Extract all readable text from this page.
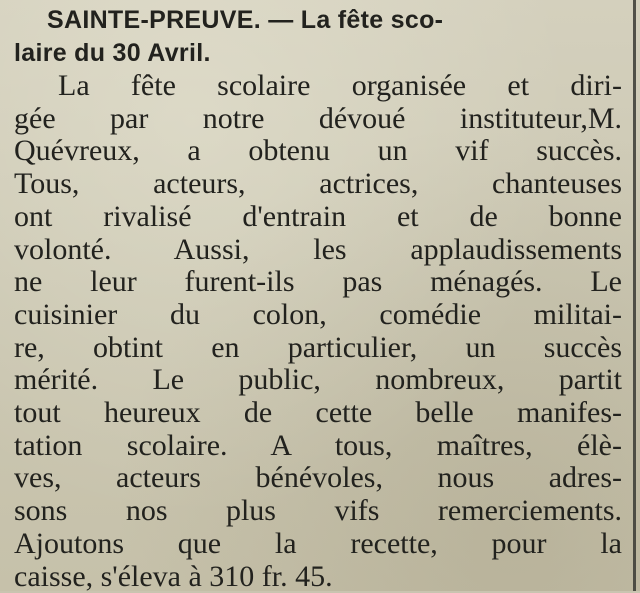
SAINTE-PREUVE. — La fête sco-
laire du 30 Avril.
La fête scolaire organisée et diri-
gée par notre dévoué instituteur,M.
Quévreux, a obtenu un vif succès.
Tous, acteurs, actrices, chanteuses
ont rivalisé d'entrain et de bonne
volonté. Aussi, les applaudissements
ne leur furent-ils pas ménagés. Le
cuisinier du colon, comédie militai-
re, obtint en particulier, un succès
mérité. Le public, nombreux, partit
tout heureux de cette belle manifes-
tation scolaire. A tous, maîtres, élè-
ves, acteurs bénévoles, nous adres-
sons nos plus vifs remerciements.
Ajoutons que la recette, pour la
caisse, s'éleva à 310 fr. 45.
